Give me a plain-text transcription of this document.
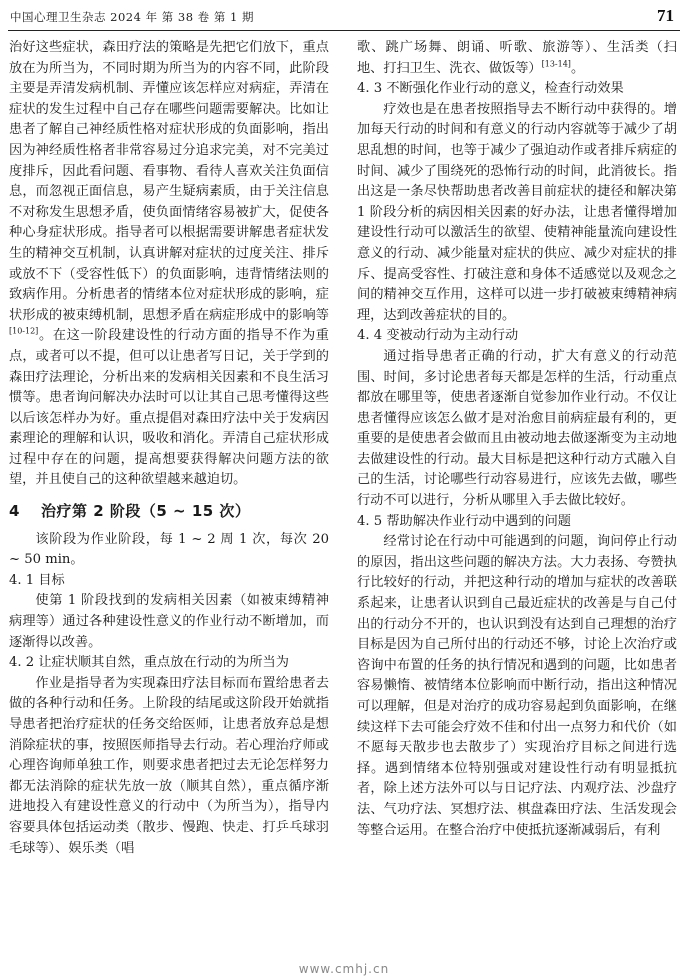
中国心理卫生杂志 2024 年 第 38 卷 第 1 期	71

治好这些症状，森田疗法的策略是先把它们放下，重点放在为所当为，不同时期为所当为的内容不同，此阶段主要是弄清发病机制、弄懂应该怎样应对病症，弄清在症状的发生过程中自己存在哪些问题需要解决。比如让患者了解自己神经质性格对症状形成的负面影响，指出因为神经质性格者非常容易过分追求完美，对不完美过度排斥，因此看问题、看事物、看待人喜欢关注负面信息，而忽视正面信息，易产生疑病素质，由于关注信息不对称发生思想矛盾，使负面情绪容易被扩大，促使各种心身症状形成。指导者可以根据需要讲解患者症状发生的精神交互机制，认真讲解对症状的过度关注、排斥或放不下（受容性低下）的负面影响，违背情绪法则的致病作用。分析患者的情绪本位对症状形成的影响，症状形成的被束缚机制，思想矛盾在病症形成中的影响等[10-12]。在这一阶段建设性的行动方面的指导不作为重点，或者可以不提，但可以让患者写日记，关于学到的森田疗法理论，分析出来的发病相关因素和不良生活习惯等。患者询问解决办法时可以让其自己思考懂得这些以后该怎样办为好。重点提倡对森田疗法中关于发病因素理论的理解和认识，吸收和消化。弄清自己症状形成过程中存在的问题，提高想要获得解决问题方法的欲望，并且使自己的这种欲望越来越迫切。

4 治疗第 2 阶段（5 ~ 15 次）

该阶段为作业阶段，每 1 ~ 2 周 1 次，每次 20 ~ 50 min。

4. 1 目标

使第 1 阶段找到的发病相关因素（如被束缚精神病理等）通过各种建设性意义的作业行动不断增加，而逐渐得以改善。

4. 2 让症状顺其自然，重点放在行动的为所当为

作业是指导者为实现森田疗法目标而布置给患者去做的各种行动和任务。上阶段的结尾或这阶段开始就指导患者把治疗症状的任务交给医师，让患者放弃总是想消除症状的事，按照医师指导去行动。若心理治疗师或心理咨询师单独工作，则要求患者把过去无论怎样努力都无法消除的症状先放一放（顺其自然），重点循序渐进地投入有建设性意义的行动中（为所当为），指导内容要具体包括运动类（散步、慢跑、快走、打乒乓球羽毛球等）、娱乐类（唱

歌、跳广场舞、朗诵、听歌、旅游等）、生活类（扫地、打扫卫生、洗衣、做饭等）[13-14]。

4. 3 不断强化作业行动的意义，检查行动效果

疗效也是在患者按照指导去不断行动中获得的。增加每天行动的时间和有意义的行动内容就等于减少了胡思乱想的时间，也等于减少了强迫动作或者排斥病症的时间、减少了围绕死的恐怖行动的时间，此消彼长。指出这是一条尽快帮助患者改善目前症状的捷径和解决第 1 阶段分析的病因相关因素的好办法，让患者懂得增加建设性行动可以激活生的欲望、使精神能量流向建设性意义的行动、减少能量对症状的供应、减少对症状的排斥、提高受容性、打破注意和身体不适感觉以及观念之间的精神交互作用，这样可以进一步打破被束缚精神病理，达到改善症状的目的。

4. 4 变被动行动为主动行动

通过指导患者正确的行动，扩大有意义的行动范围、时间，多讨论患者每天都是怎样的生活，行动重点都放在哪里等，使患者逐渐自觉参加作业行动。不仅让患者懂得应该怎么做才是对治愈目前病症最有利的，更重要的是使患者会做而且由被动地去做逐渐变为主动地去做建设性的行动。最大目标是把这种行动方式融入自己的生活，讨论哪些行动容易进行，应该先去做，哪些行动不可以进行，分析从哪里入手去做比较好。

4. 5 帮助解决作业行动中遇到的问题

经常讨论在行动中可能遇到的问题，询问停止行动的原因，指出这些问题的解决方法。大力表扬、夸赞执行比较好的行动，并把这种行动的增加与症状的改善联系起来，让患者认识到自己最近症状的改善是与自己付出的行动分不开的，也认识到没有达到自己理想的治疗目标是因为自己所付出的行动还不够，讨论上次治疗或咨询中布置的任务的执行情况和遇到的问题，比如患者容易懒惰、被情绪本位影响而中断行动，指出这种情况可以理解，但是对治疗的成功容易起到负面影响，在继续这样下去可能会疗效不佳和付出一点努力和代价（如不愿每天散步也去散步了）实现治疗目标之间进行选择。遇到情绪本位特别强或对建设性行动有明显抵抗者，除上述方法外可以与日记疗法、内观疗法、沙盘疗法、气功疗法、冥想疗法、棋盘森田疗法、生活发现会等整合运用。在整合治疗中使抵抗逐渐减弱后，有利

www.cmhj.cn
